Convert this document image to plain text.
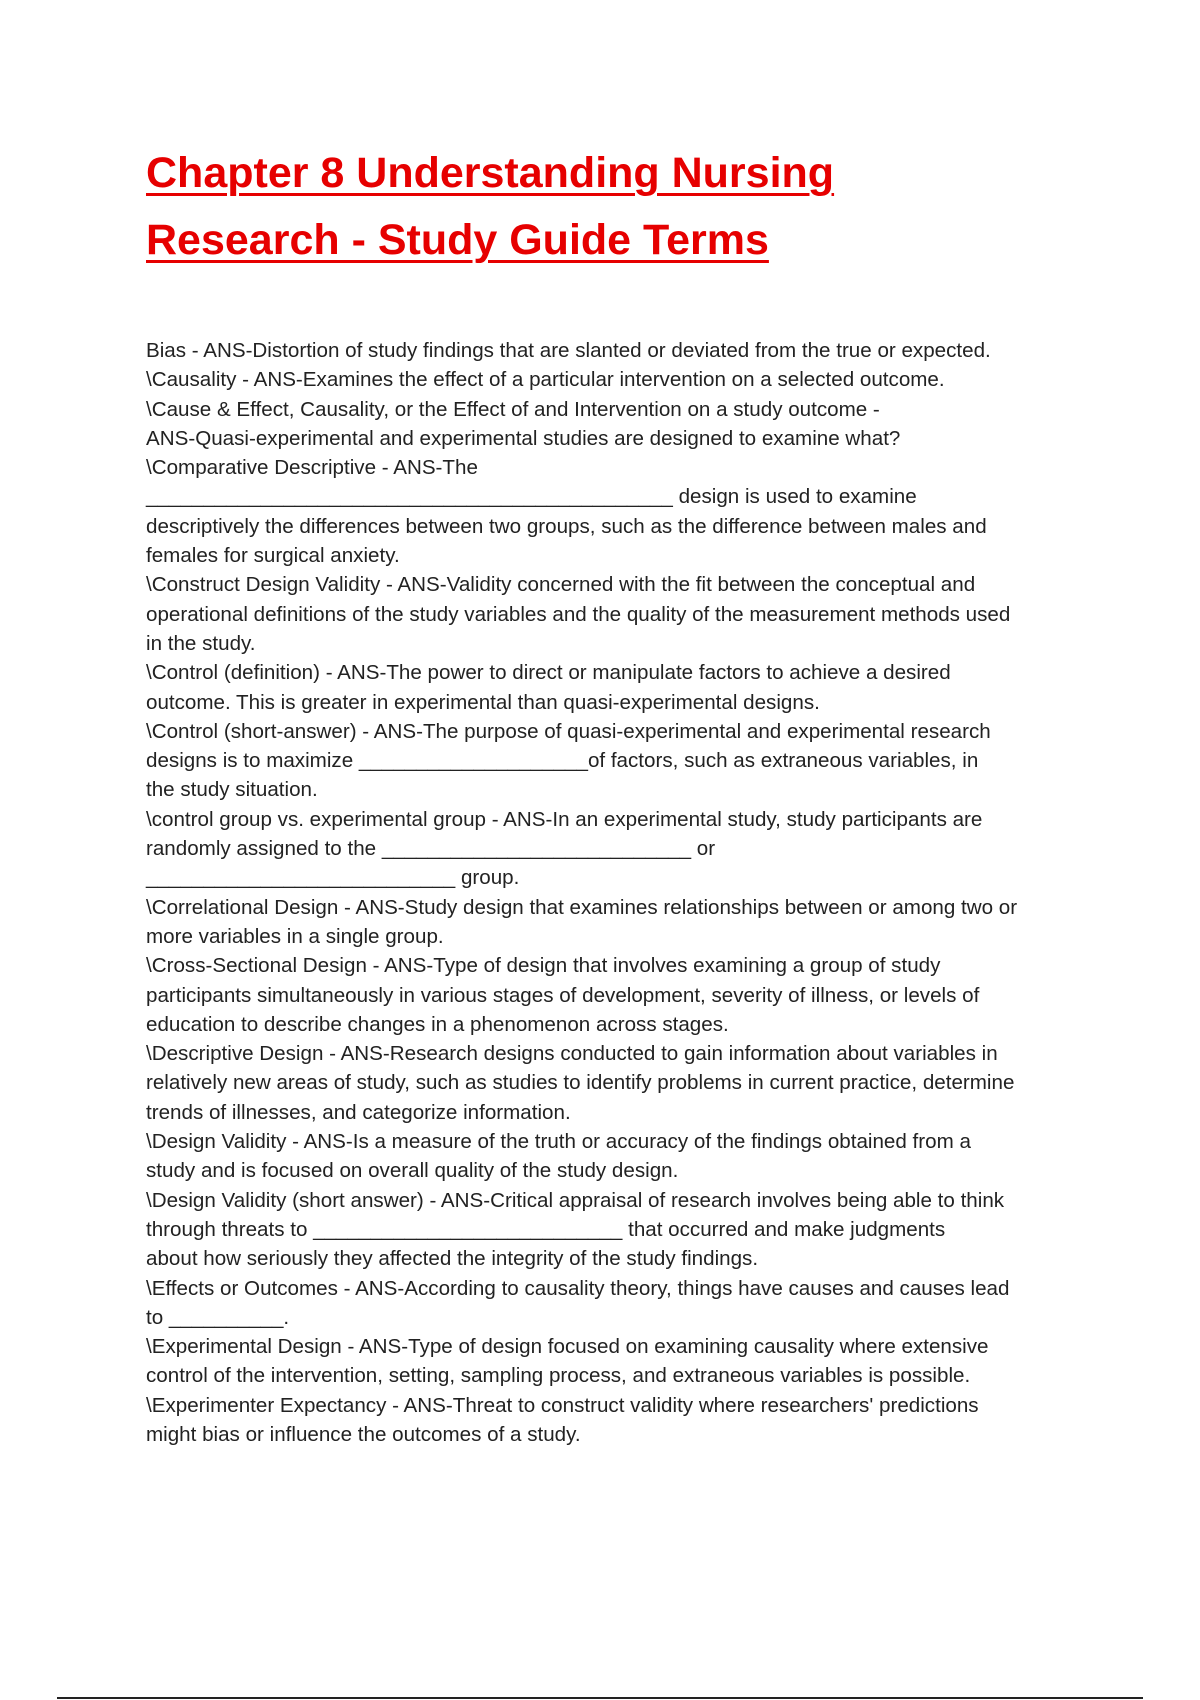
Chapter 8 Understanding Nursing
Research - Study Guide Terms

Bias - ANS-Distortion of study findings that are slanted or deviated from the true or expected.

\Causality - ANS-Examines the effect of a particular intervention on a selected outcome.

\Cause & Effect, Causality, or the Effect of and Intervention on a study outcome -
ANS-Quasi-experimental and experimental studies are designed to examine what?

\Comparative Descriptive - ANS-The
______________________________________________ design is used to examine
descriptively the differences between two groups, such as the difference between males and
females for surgical anxiety.

\Construct Design Validity - ANS-Validity concerned with the fit between the conceptual and
operational definitions of the study variables and the quality of the measurement methods used
in the study.

\Control (definition) - ANS-The power to direct or manipulate factors to achieve a desired
outcome. This is greater in experimental than quasi-experimental designs.

\Control (short-answer) - ANS-The purpose of quasi-experimental and experimental research
designs is to maximize ____________________of factors, such as extraneous variables, in
the study situation.

\control group vs. experimental group - ANS-In an experimental study, study participants are
randomly assigned to the ___________________________ or
___________________________ group.

\Correlational Design - ANS-Study design that examines relationships between or among two or
more variables in a single group.

\Cross-Sectional Design - ANS-Type of design that involves examining a group of study
participants simultaneously in various stages of development, severity of illness, or levels of
education to describe changes in a phenomenon across stages.

\Descriptive Design - ANS-Research designs conducted to gain information about variables in
relatively new areas of study, such as studies to identify problems in current practice, determine
trends of illnesses, and categorize information.

\Design Validity - ANS-Is a measure of the truth or accuracy of the findings obtained from a
study and is focused on overall quality of the study design.

\Design Validity (short answer) - ANS-Critical appraisal of research involves being able to think
through threats to ___________________________ that occurred and make judgments
about how seriously they affected the integrity of the study findings.

\Effects or Outcomes - ANS-According to causality theory, things have causes and causes lead
to __________.

\Experimental Design - ANS-Type of design focused on examining causality where extensive
control of the intervention, setting, sampling process, and extraneous variables is possible.

\Experimenter Expectancy - ANS-Threat to construct validity where researchers' predictions
might bias or influence the outcomes of a study.
